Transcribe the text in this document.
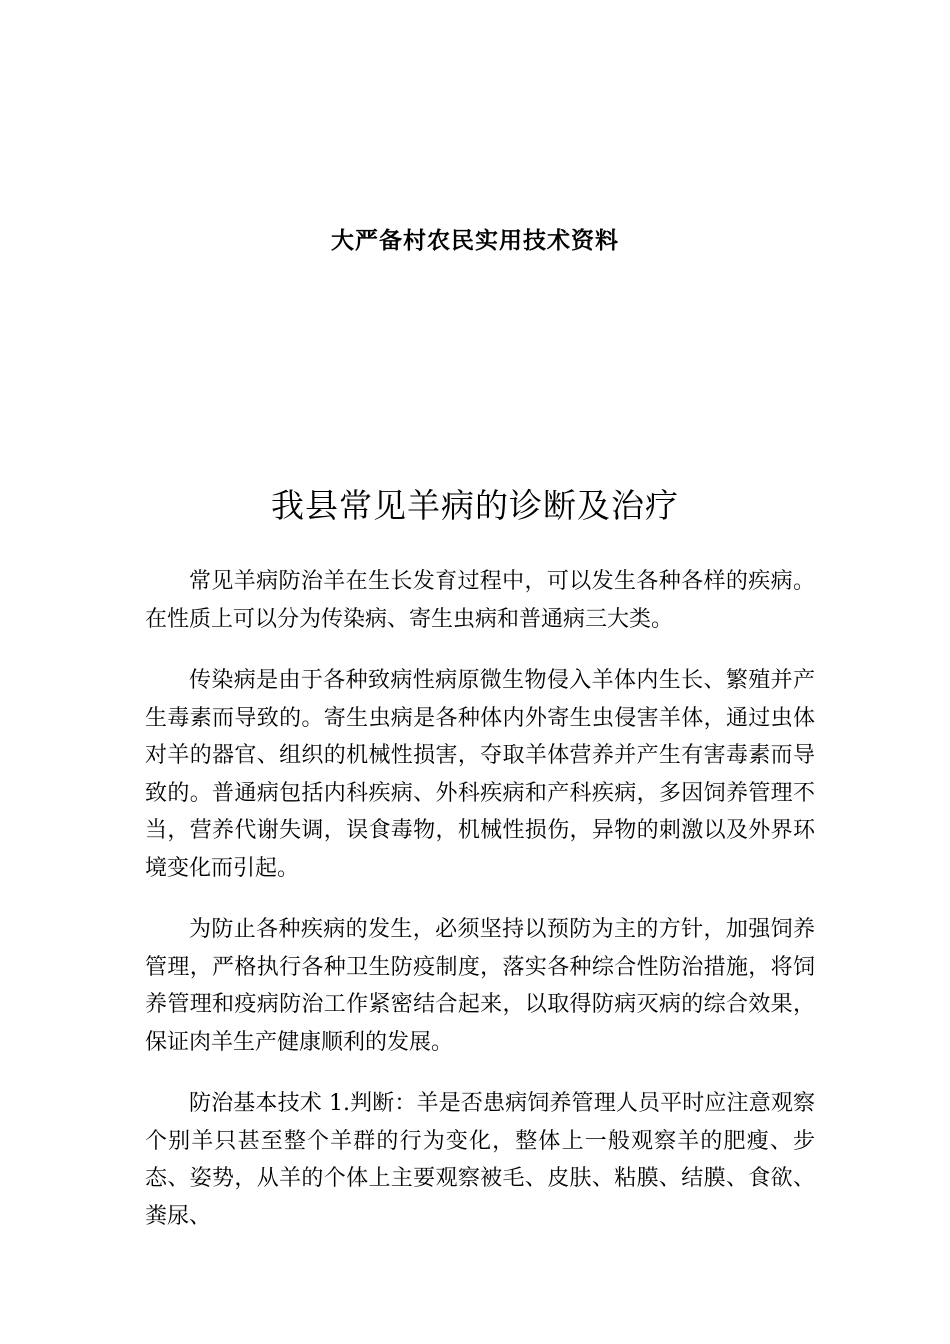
大严备村农民实用技术资料
我县常见羊病的诊断及治疗

常见羊病防治羊在生长发育过程中，可以发生各种各样的疾病。在性质上可以分为传染病、寄生虫病和普通病三大类。

传染病是由于各种致病性病原微生物侵入羊体内生长、繁殖并产生毒素而导致的。寄生虫病是各种体内外寄生虫侵害羊体，通过虫体对羊的器官、组织的机械性损害，夺取羊体营养并产生有害毒素而导致的。普通病包括内科疾病、外科疾病和产科疾病，多因饲养管理不当，营养代谢失调，误食毒物，机械性损伤，异物的刺激以及外界环境变化而引起。

为防止各种疾病的发生，必须坚持以预防为主的方针，加强饲养管理，严格执行各种卫生防疫制度，落实各种综合性防治措施，将饲养管理和疫病防治工作紧密结合起来，以取得防病灭病的综合效果，保证肉羊生产健康顺利的发展。

防治基本技术 1.判断：羊是否患病饲养管理人员平时应注意观察个别羊只甚至整个羊群的行为变化，整体上一般观察羊的肥瘦、步态、姿势，从羊的个体上主要观察被毛、皮肤、粘膜、结膜、食欲、粪尿、
